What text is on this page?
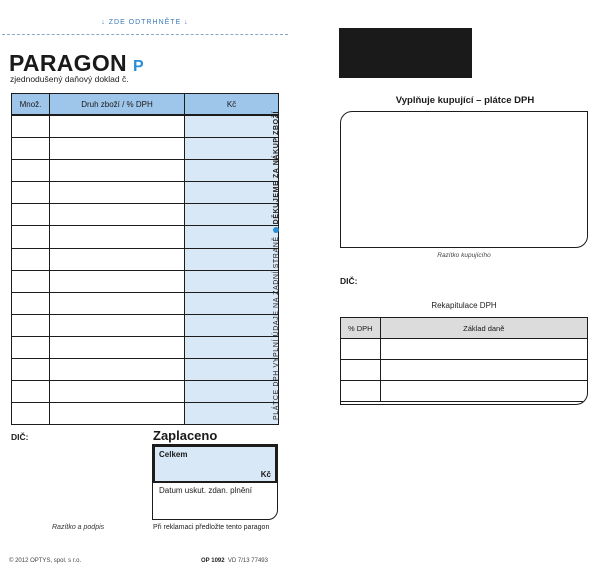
↓ ZDE ODTRHNĚTE ↓
PARAGON P
zjednodušený daňový doklad č.
Množ.	Druh zboží / % DPH	Kč

PLÁTCE DPH VYPLNÍ ÚDAJE NA ZADNÍ STRANĚDĚKUJEME ZA NÁKUP ZBOŽÍ
DIČ:	Zaplaceno
Celkem
Kč
Datum uskut. zdan. plnění
Razítko a podpis	Při reklamaci předložte tento paragon
© 2012 OPTYS, spol. s r.o.	OP 1092 VD 7/13 77493
Vyplňuje kupující – plátce DPH
Razítko kupujícího
DIČ:
Rekapitulace DPH
% DPH	Základ daně
